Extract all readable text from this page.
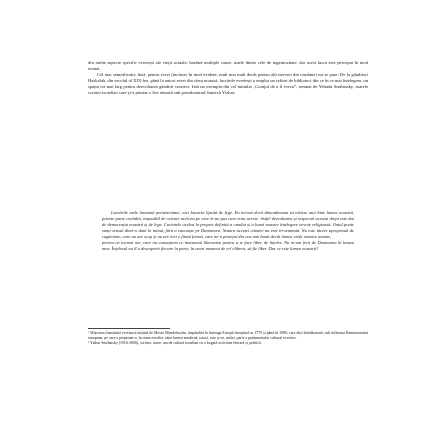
din multe aspecte specific evreiești ale vieții actuale, bazând multiple cauze, unele dintre cele de ingeniozitate, dar acest lucru este perceput în mod eronat.

Cel mai semnificativ, însă, pentru evrei (inclusiv în mod evident, mult mai mult decât pentru alți neevrei din românia) mi se pare: De la gânditori Haskalah, din secolul al XIX-lea, până la autori evrei din sfera noastră, lucrările evreiești a umplut un rafturi de biblioteci din ce în ce mai înțelegem, un spațiu tot mai larg pentru dezvoltarea gândirii creative. Iată un exemplu din cel intitulat „Curajul de a fi evreu”, semnat de Yehuda Smilansky, marele scriitor israelian care și-a păstrat o fire rămasă sub pseudonimul Samech Yizhar:

Lucrările mele însemnă permisivitate, nici bucuria lipsită de lege. Eu mi-am dorit dintotdeauna să trăiesc mai bine lumea noastră, printre parte cealaltă, imposibil de oricare acelora pe care le-au pus care erau aceste. Astfel dezvoltarea și respectul acestui drept este dat de democrația noastră și de lege. Cuvintele acelea în proprie definită a omului și a lumii noastre înțelegere nevoie religioasă. Omul poate simți sensul dintr-o dată în inimă, fără a cunoaște pe Dumnezeu. Natura acestei căutări nu este în-semnată. Nu este tăcere apropriată de rugăciune, care nu are scop și nu are nici o ființă formă, care ne-a protejat din cea mai bună decât lumea vieții noastre umane,

pentru că tocmai noi, care nu cunoaștem ce înseamnă libertatea pentru a te face liber, de înțeles. Nu m-am ferit de Dumnezeu în lumea mea. Înțelesul nu îl a descoperit fiecare în parte, în acest moment de a-l elibera, să fie liber. Dar ce este lumea noastră?

¹ Mișcarea iluministă evreiască inițiată de Moses Mendelssohn, răspândită în întreaga Europă începând cu 1770 și până în 1880; care deși înrădăcinată, sub influența Iluminismului european, pe care a perpetuat-o, în urma evreilor către lumea modernă, totuși, este și ea, astăzi, parte a patrimoniului cultural evreiesc.

² Yizhar Smilansky (1916-2006), scriitor, autor, om de cultură israelian cu o bogată activitate literară și politică.
